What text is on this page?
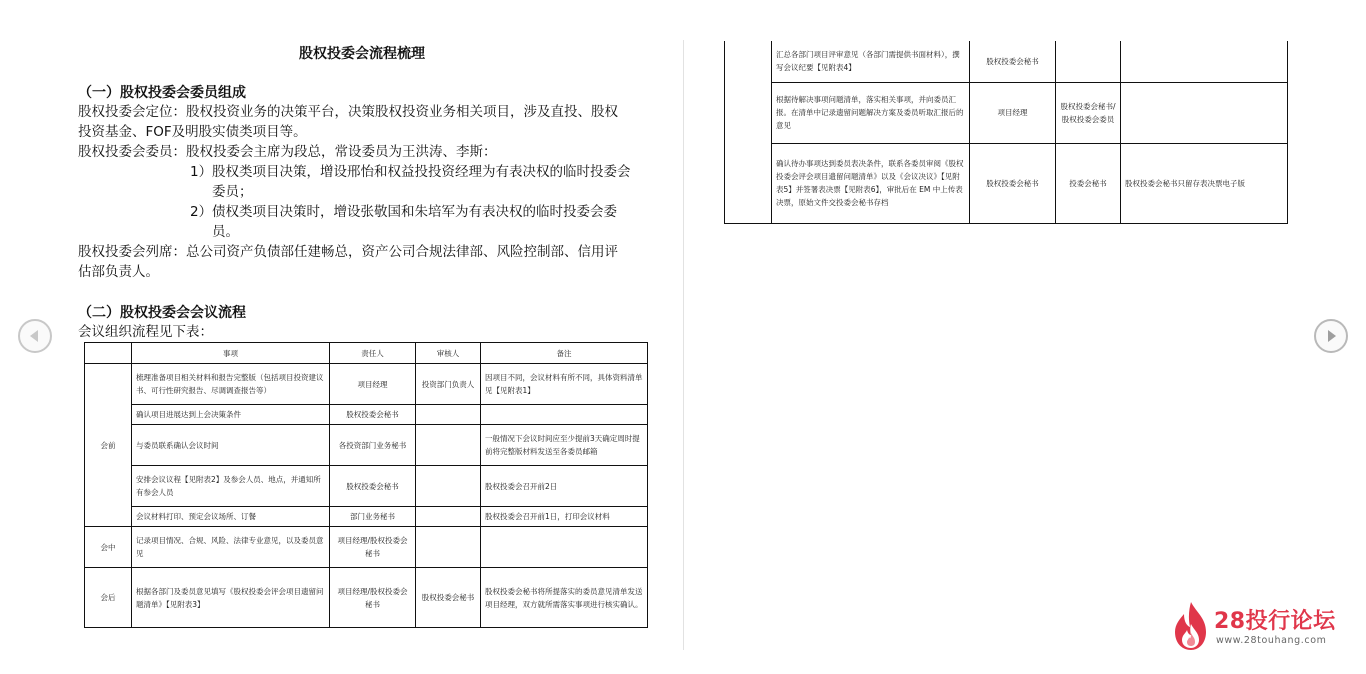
股权投委会流程梳理
（一）股权投委会委员组成
股权投委会定位：股权投资业务的决策平台，决策股权投资业务相关项目，涉及直投、股权
投资基金、FOF及明股实债类项目等。
股权投委会委员：股权投委会主席为段总，常设委员为王洪涛、李斯：
1） 股权类项目决策，增设邢怡和权益投投资经理为有表决权的临时投委会
委员；
2） 债权类项目决策时，增设张敬国和朱培军为有表决权的临时投委会委
员。
股权投委会列席：总公司资产负债部任建畅总，资产公司合规法律部、风险控制部、信用评
估部负责人。
（二）股权投委会会议流程
会议组织流程见下表：
	事项	责任人	审核人	备注
会前	梳理准备项目相关材料和报告完整版（包括项目投资建议书、可行性研究报告、尽调调查报告等）	项目经理	投资部门负责人	因项目不同，会议材料有所不同，具体资料清单见【见附表1】
	确认项目进展达到上会决策条件	股权投委会秘书		
	与委员联系确认会议时间	各投资部门业务秘书		一般情况下会议时间应至少提前3天确定周时提前将完整版材料发送至各委员邮箱
	安排会议议程【见附表2】及参会人员、地点，并通知所有参会人员	股权投委会秘书		股权投委会召开前2日
	会议材料打印、预定会议场所、订餐	部门业务秘书		股权投委会召开前1日，打印会议材料
会中	记录项目情况、合规、风险、法律专业意见，以及委员意见	项目经理/股权投委会秘书		
会后	根据各部门及委员意见填写《股权投委会评会项目遗留问题清单》【见附表3】	项目经理/股权投委会秘书	股权投委会秘书	股权投委会秘书将所提落实的委员意见清单发送项目经理，双方就所需落实事项进行核实确认。
	汇总各部门项目评审意见（各部门需提供书面材料），撰写会议纪要【见附表4】	股权投委会秘书		
	根据待解决事项问题清单，落实相关事项，并向委员汇报。在清单中记录遗留问题解决方案及委员听取汇报后的意见	项目经理	股权投委会秘书/股权投委会委员	
	确认待办事项达到委员表决条件，联系各委员审阅《股权投委会评会项目遗留问题清单》以及《会议决议》【见附表5】并签署表决票【见附表6】，审批后在 EM 中上传表决票，原始文件交投委会秘书存档	股权投委会秘书	投委会秘书	股权投委会秘书只留存表决票电子版
28投行论坛
www.28touhang.com
